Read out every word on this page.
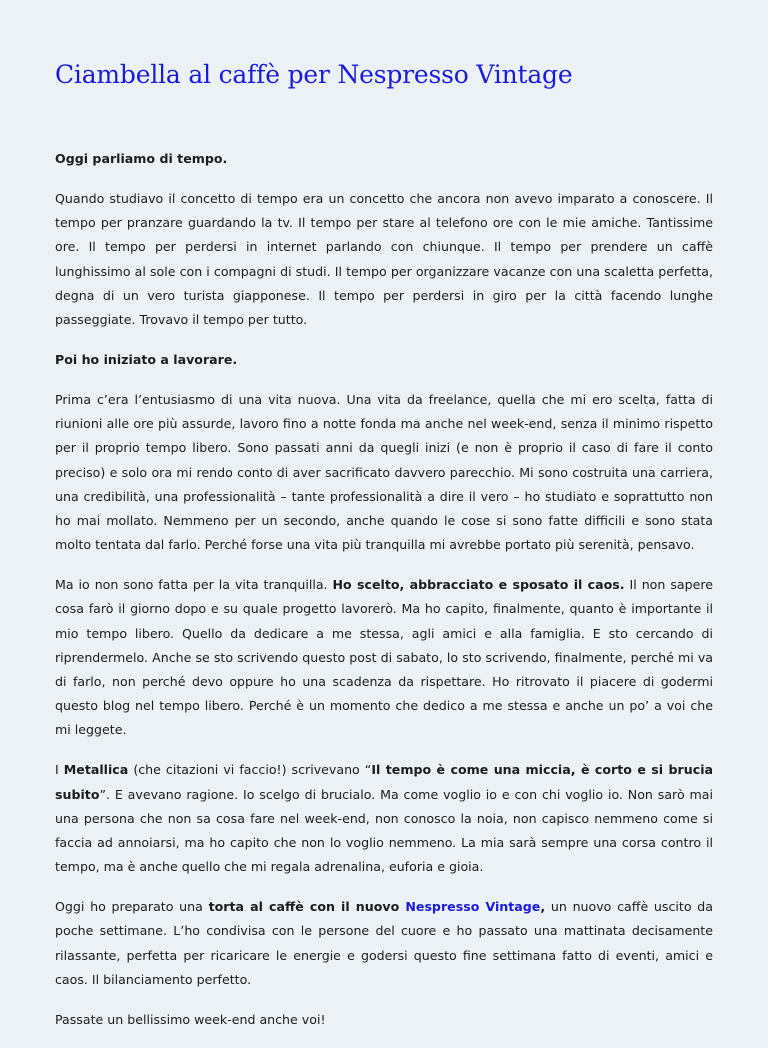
Ciambella al caffè per Nespresso Vintage

Oggi parliamo di tempo.

Quando studiavo il concetto di tempo era un concetto che ancora non avevo imparato a conoscere. Il tempo per pranzare guardando la tv. Il tempo per stare al telefono ore con le mie amiche. Tantissime ore. Il tempo per perdersi in internet parlando con chiunque. Il tempo per prendere un caffè lunghissimo al sole con i compagni di studi. Il tempo per organizzare vacanze con una scaletta perfetta, degna di un vero turista giapponese. Il tempo per perdersi in giro per la città facendo lunghe passeggiate. Trovavo il tempo per tutto.

Poi ho iniziato a lavorare.

Prima c’era l’entusiasmo di una vita nuova. Una vita da freelance, quella che mi ero scelta, fatta di riunioni alle ore più assurde, lavoro fino a notte fonda ma anche nel week-end, senza il minimo rispetto per il proprio tempo libero. Sono passati anni da quegli inizi (e non è proprio il caso di fare il conto preciso) e solo ora mi rendo conto di aver sacrificato davvero parecchio. Mi sono costruita una carriera, una credibilità, una professionalità – tante professionalità a dire il vero – ho studiato e soprattutto non ho mai mollato. Nemmeno per un secondo, anche quando le cose si sono fatte difficili e sono stata molto tentata dal farlo. Perché forse una vita più tranquilla mi avrebbe portato più serenità, pensavo.

Ma io non sono fatta per la vita tranquilla. Ho scelto, abbracciato e sposato il caos. Il non sapere cosa farò il giorno dopo e su quale progetto lavorerò. Ma ho capito, finalmente, quanto è importante il mio tempo libero. Quello da dedicare a me stessa, agli amici e alla famiglia. E sto cercando di riprendermelo. Anche se sto scrivendo questo post di sabato, lo sto scrivendo, finalmente, perché mi va di farlo, non perché devo oppure ho una scadenza da rispettare. Ho ritrovato il piacere di godermi questo blog nel tempo libero. Perché è un momento che dedico a me stessa e anche un po’ a voi che mi leggete.

I Metallica (che citazioni vi faccio!) scrivevano “Il tempo è come una miccia, è corto e si brucia subito”. E avevano ragione. Io scelgo di brucialo. Ma come voglio io e con chi voglio io. Non sarò mai una persona che non sa cosa fare nel week-end, non conosco la noia, non capisco nemmeno come si faccia ad annoiarsi, ma ho capito che non lo voglio nemmeno. La mia sarà sempre una corsa contro il tempo, ma è anche quello che mi regala adrenalina, euforia e gioia.

Oggi ho preparato una torta al caffè con il nuovo Nespresso Vintage, un nuovo caffè uscito da poche settimane. L’ho condivisa con le persone del cuore e ho passato una mattinata decisamente rilassante, perfetta per ricaricare le energie e godersi questo fine settimana fatto di eventi, amici e caos. Il bilanciamento perfetto.

Passate un bellissimo week-end anche voi!
